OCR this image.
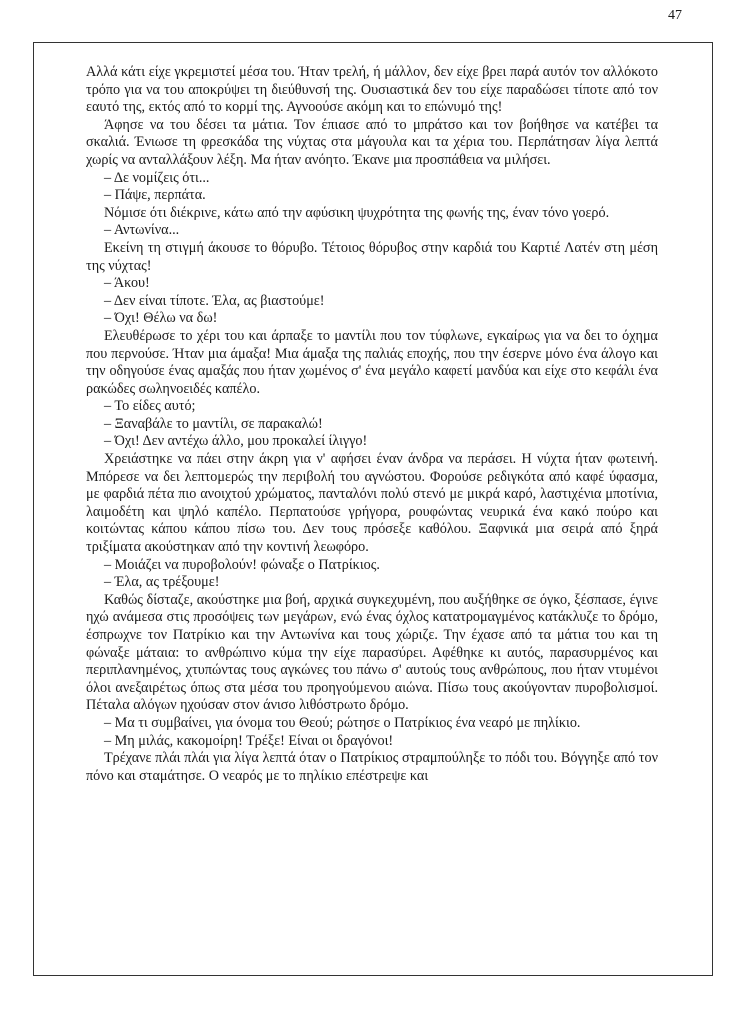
47

Αλλά κάτι είχε γκρεμιστεί μέσα του. Ήταν τρελή, ή μάλλον, δεν είχε βρει παρά αυτόν τον αλλόκοτο τρόπο για να του αποκρύψει τη διεύθυνσή της. Ουσιαστικά δεν του είχε παραδώσει τίποτε από τον εαυτό της, εκτός από το κορμί της. Αγνοούσε ακόμη και το επώνυμό της!

Άφησε να του δέσει τα μάτια. Τον έπιασε από το μπράτσο και τον βοήθησε να κατέβει τα σκαλιά. Ένιωσε τη φρεσκάδα της νύχτας στα μάγουλα και τα χέρια του. Περπάτησαν λίγα λεπτά χωρίς να ανταλλάξουν λέξη. Μα ήταν ανόητο. Έκανε μια προσπάθεια να μιλήσει.

– Δε νομίζεις ότι...

– Πάψε, περπάτα.

Νόμισε ότι διέκρινε, κάτω από την αφύσικη ψυχρότητα της φωνής της, έναν τόνο γοερό.

– Αντωνίνα...

Εκείνη τη στιγμή άκουσε το θόρυβο. Τέτοιος θόρυβος στην καρδιά του Καρτιέ Λατέν στη μέση της νύχτας!

– Άκου!

– Δεν είναι τίποτε. Έλα, ας βιαστούμε!

– Όχι! Θέλω να δω!

Ελευθέρωσε το χέρι του και άρπαξε το μαντίλι που τον τύφλωνε, εγκαίρως για να δει το όχημα που περνούσε. Ήταν μια άμαξα! Μια άμαξα της παλιάς εποχής, που την έσερνε μόνο ένα άλογο και την οδηγούσε ένας αμαξάς που ήταν χωμένος σ' ένα μεγάλο καφετί μανδύα και είχε στο κεφάλι ένα ρακώδες σωληνοειδές καπέλο.

– Το είδες αυτό;

– Ξαναβάλε το μαντίλι, σε παρακαλώ!

– Όχι! Δεν αντέχω άλλο, μου προκαλεί ίλιγγο!

Χρειάστηκε να πάει στην άκρη για ν' αφήσει έναν άνδρα να περάσει. Η νύχτα ήταν φωτεινή. Μπόρεσε να δει λεπτομερώς την περιβολή του αγνώστου. Φορούσε ρεδιγκότα από καφέ ύφασμα, με φαρδιά πέτα πιο ανοιχτού χρώματος, πανταλόνι πολύ στενό με μικρά καρό, λαστιχένια μποτίνια, λαιμοδέτη και ψηλό καπέλο. Περπατούσε γρήγορα, ρουφώντας νευρικά ένα κακό πούρο και κοιτώντας κάπου κάπου πίσω του. Δεν τους πρόσεξε καθόλου. Ξαφνικά μια σειρά από ξηρά τριξίματα ακούστηκαν από την κοντινή λεωφόρο.

– Μοιάζει να πυροβολούν! φώναξε ο Πατρίκιος.

– Έλα, ας τρέξουμε!

Καθώς δίσταζε, ακούστηκε μια βοή, αρχικά συγκεχυμένη, που αυξήθηκε σε όγκο, ξέσπασε, έγινε ηχώ ανάμεσα στις προσόψεις των μεγάρων, ενώ ένας όχλος κατατρομαγμένος κατάκλυζε το δρόμο, έσπρωχνε τον Πατρίκιο και την Αντωνίνα και τους χώριζε. Την έχασε από τα μάτια του και τη φώναξε μάταια: το ανθρώπινο κύμα την είχε παρασύρει. Αφέθηκε κι αυτός, παρασυρμένος και περιπλανημένος, χτυπώντας τους αγκώνες του πάνω σ' αυτούς τους ανθρώπους, που ήταν ντυμένοι όλοι ανεξαιρέτως όπως στα μέσα του προηγούμενου αιώνα. Πίσω τους ακούγονταν πυροβολισμοί. Πέταλα αλόγων ηχούσαν στον άνισο λιθόστρωτο δρόμο.

– Μα τι συμβαίνει, για όνομα του Θεού; ρώτησε ο Πατρίκιος ένα νεαρό με πηλίκιο.

– Μη μιλάς, κακομοίρη! Τρέξε! Είναι οι δραγόνοι!

Τρέχανε πλάι πλάι για λίγα λεπτά όταν ο Πατρίκιος στραμπούληξε το πόδι του. Βόγγηξε από τον πόνο και σταμάτησε. Ο νεαρός με το πηλίκιο επέστρεψε και
